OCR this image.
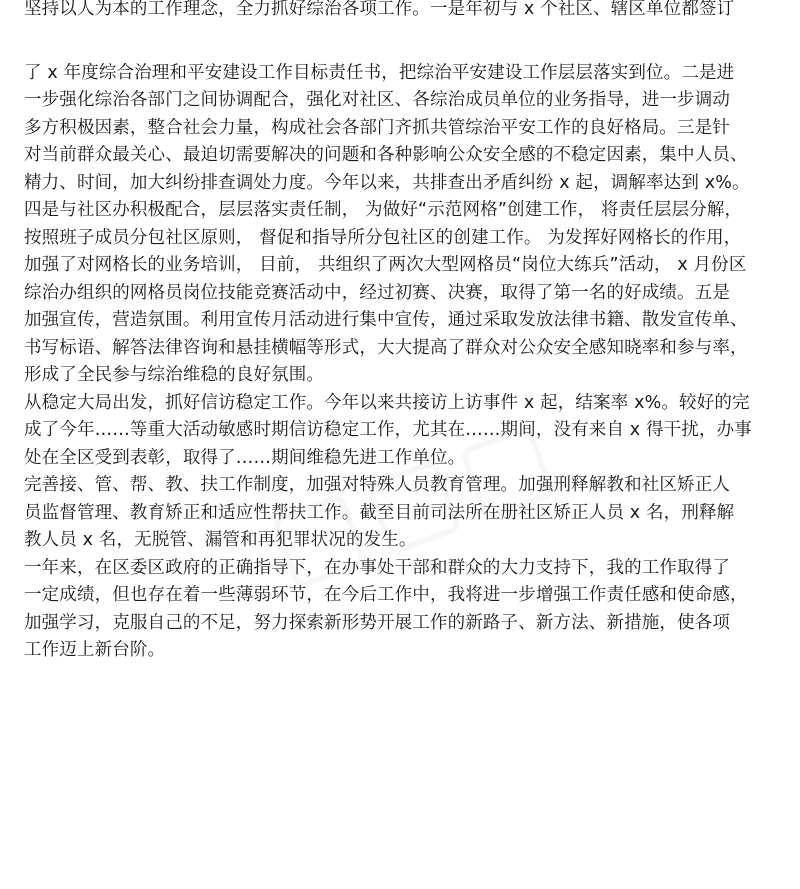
坚持以人为本的工作理念，全力抓好综治各项工作。一是年初与 x 个社区、辖区单位都签订
了 x 年度综合治理和平安建设工作目标责任书，把综治平安建设工作层层落实到位。二是进
一步强化综治各部门之间协调配合，强化对社区、各综治成员单位的业务指导，进一步调动
多方积极因素，整合社会力量，构成社会各部门齐抓共管综治平安工作的良好格局。三是针
对当前群众最关心、最迫切需要解决的问题和各种影响公众安全感的不稳定因素，集中人员、
精力、时间，加大纠纷排查调处力度。今年以来，共排查出矛盾纠纷 x 起，调解率达到 x%。
四是与社区办积极配合，层层落实责任制， 为做好“示范网格”创建工作， 将责任层层分解，
按照班子成员分包社区原则， 督促和指导所分包社区的创建工作。 为发挥好网格长的作用，
加强了对网格长的业务培训， 目前， 共组织了两次大型网格员“岗位大练兵”活动， x 月份区
综治办组织的网格员岗位技能竞赛活动中，经过初赛、决赛，取得了第一名的好成绩。五是
加强宣传，营造氛围。利用宣传月活动进行集中宣传，通过采取发放法律书籍、散发宣传单、
书写标语、解答法律咨询和悬挂横幅等形式，大大提高了群众对公众安全感知晓率和参与率，
形成了全民参与综治维稳的良好氛围。
从稳定大局出发，抓好信访稳定工作。今年以来共接访上访事件 x 起，结案率 x%。较好的完
成了今年……等重大活动敏感时期信访稳定工作，尤其在……期间，没有来自 x 得干扰，办事
处在全区受到表彰，取得了……期间维稳先进工作单位。
完善接、管、帮、教、扶工作制度，加强对特殊人员教育管理。加强刑释解教和社区矫正人
员监督管理、教育矫正和适应性帮扶工作。截至目前司法所在册社区矫正人员 x 名，刑释解
教人员 x 名，无脱管、漏管和再犯罪状况的发生。
一年来，在区委区政府的正确指导下，在办事处干部和群众的大力支持下，我的工作取得了
一定成绩，但也存在着一些薄弱环节，在今后工作中，我将进一步增强工作责任感和使命感，
加强学习，克服自己的不足，努力探索新形势开展工作的新路子、新方法、新措施，使各项
工作迈上新台阶。
